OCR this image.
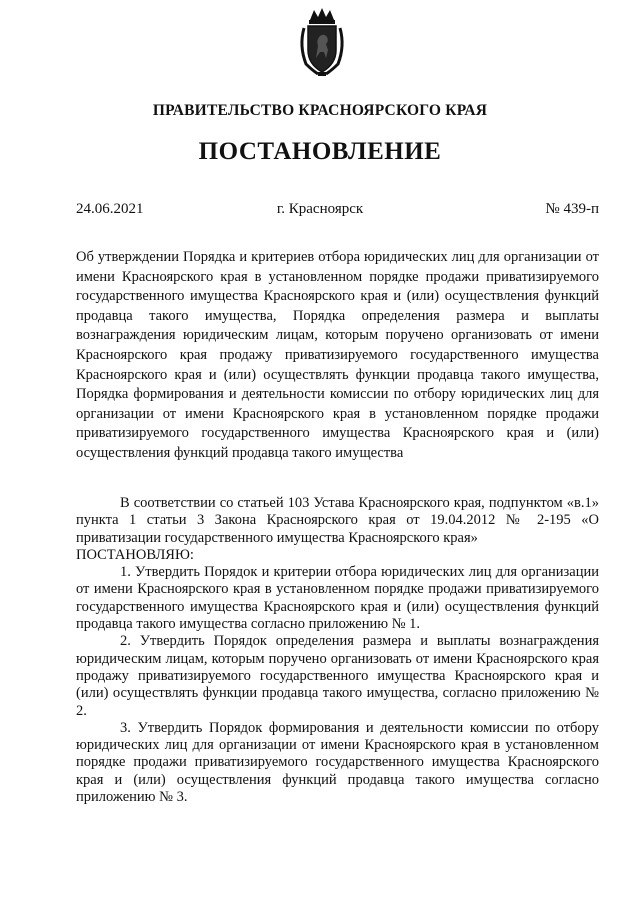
ПРАВИТЕЛЬСТВО КРАСНОЯРСКОГО КРАЯ
ПОСТАНОВЛЕНИЕ
24.06.2021	г. Красноярск	№ 439-п
Об утверждении Порядка и критериев отбора юридических лиц для организации от имени Красноярского края в установленном порядке продажи приватизируемого государственного имущества Красноярского края и (или) осуществления функций продавца такого имущества, Порядка определения размера и выплаты вознаграждения юридическим лицам, которым поручено организовать от имени Красноярского края продажу приватизируемого государственного имущества Красноярского края и (или) осуществлять функции продавца такого имущества, Порядка формирования и деятельности комиссии по отбору юридических лиц для организации от имени Красноярского края в установленном порядке продажи приватизируемого государственного имущества Красноярского края и (или) осуществления функций продавца такого имущества

В соответствии со статьей 103 Устава Красноярского края, подпунктом «в.1» пункта 1 статьи 3 Закона Красноярского края от 19.04.2012 № 2-195 «О приватизации государственного имущества Красноярского края»

ПОСТАНОВЛЯЮ:

1. Утвердить Порядок и критерии отбора юридических лиц для организации от имени Красноярского края в установленном порядке продажи приватизируемого государственного имущества Красноярского края и (или) осуществления функций продавца такого имущества согласно приложению № 1.

2. Утвердить Порядок определения размера и выплаты вознаграждения юридическим лицам, которым поручено организовать от имени Красноярского края продажу приватизируемого государственного имущества Красноярского края и (или) осуществлять функции продавца такого имущества, согласно приложению № 2.

3. Утвердить Порядок формирования и деятельности комиссии по отбору юридических лиц для организации от имени Красноярского края в установленном порядке продажи приватизируемого государственного имущества Красноярского края и (или) осуществления функций продавца такого имущества согласно приложению № 3.
